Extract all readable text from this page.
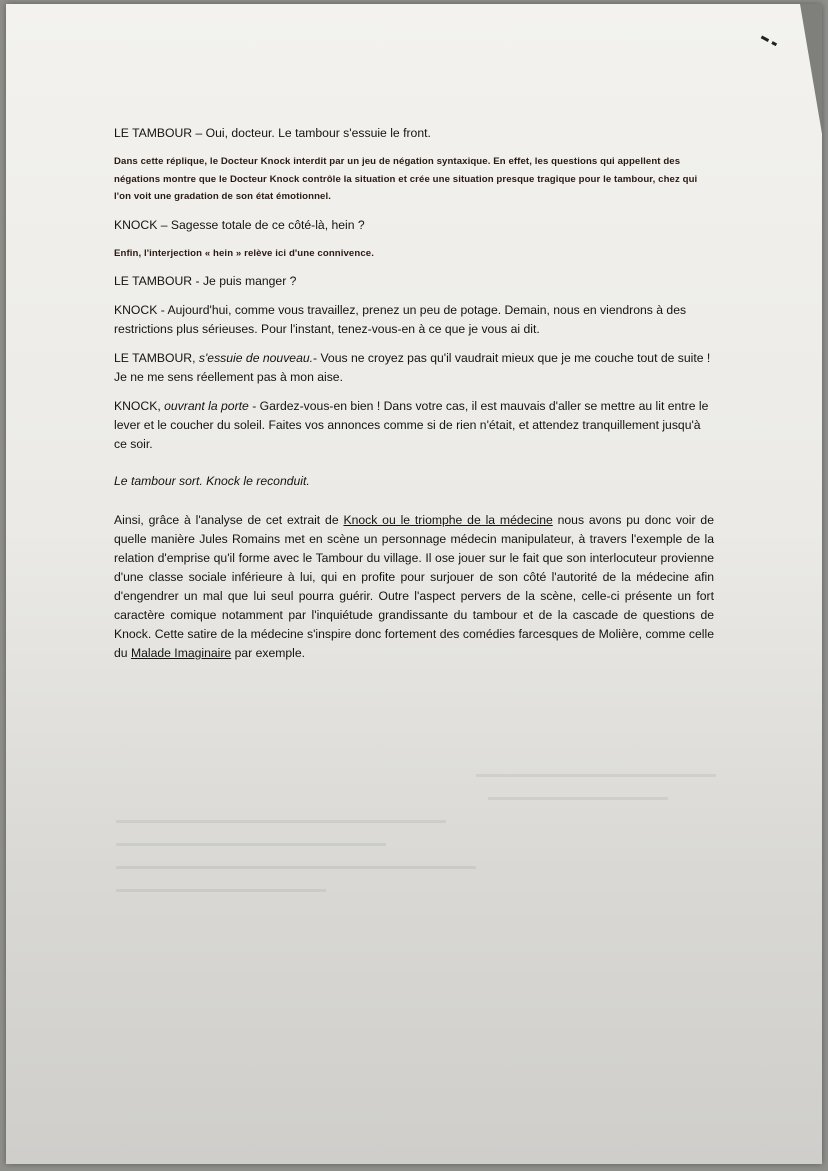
LE TAMBOUR – Oui, docteur. Le tambour s'essuie le front.

Dans cette réplique, le Docteur Knock interdit par un jeu de négation syntaxique. En effet, les questions qui appellent des négations montre que le Docteur Knock contrôle la situation et crée une situation presque tragique pour le tambour, chez qui l'on voit une gradation de son état émotionnel.

KNOCK – Sagesse totale de ce côté-là, hein ?

Enfin, l'interjection « hein » relève ici d'une connivence.

LE TAMBOUR - Je puis manger ?

KNOCK - Aujourd'hui, comme vous travaillez, prenez un peu de potage. Demain, nous en viendrons à des restrictions plus sérieuses. Pour l'instant, tenez-vous-en à ce que je vous ai dit.

LE TAMBOUR, s'essuie de nouveau.- Vous ne croyez pas qu'il vaudrait mieux que je me couche tout de suite ! Je ne me sens réellement pas à mon aise.

KNOCK, ouvrant la porte - Gardez-vous-en bien ! Dans votre cas, il est mauvais d'aller se mettre au lit entre le lever et le coucher du soleil. Faites vos annonces comme si de rien n'était, et attendez tranquillement jusqu'à ce soir.

Le tambour sort. Knock le reconduit.

Ainsi, grâce à l'analyse de cet extrait de Knock ou le triomphe de la médecine nous avons pu donc voir de quelle manière Jules Romains met en scène un personnage médecin manipulateur, à travers l'exemple de la relation d'emprise qu'il forme avec le Tambour du village. Il ose jouer sur le fait que son interlocuteur provienne d'une classe sociale inférieure à lui, qui en profite pour surjouer de son côté l'autorité de la médecine afin d'engendrer un mal que lui seul pourra guérir. Outre l'aspect pervers de la scène, celle-ci présente un fort caractère comique notamment par l'inquiétude grandissante du tambour et de la cascade de questions de Knock. Cette satire de la médecine s'inspire donc fortement des comédies farcesques de Molière, comme celle du Malade Imaginaire par exemple.
